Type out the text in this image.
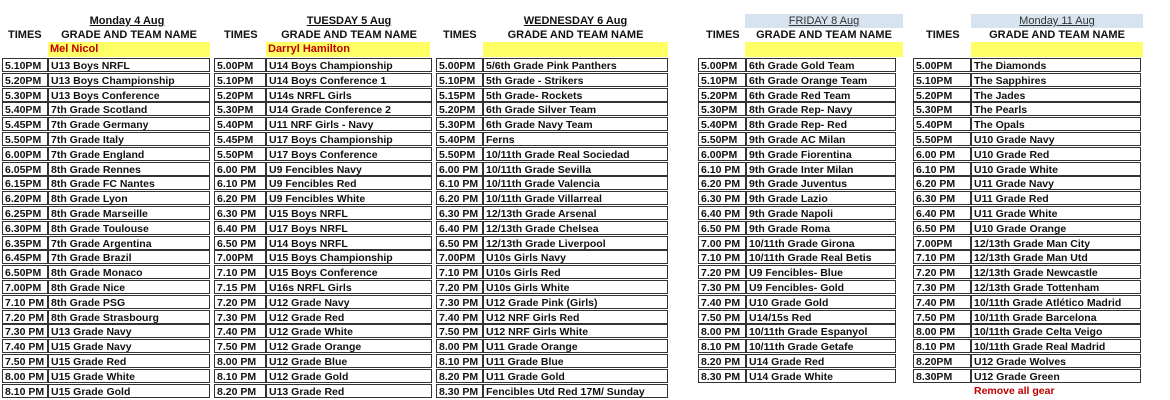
Monday 4 Aug
TIMES	GRADE AND TEAM NAME
Mel Nicol
5.10PM U13 Boys NRFL
5.20PM U13 Boys Championship
5.30PM U13 Boys Conference
5.40PM 7th Grade Scotland
5.45PM 7th Grade Germany
5.50PM 7th Grade Italy
6.00PM 7th Grade England
6.05PM 8th Grade Rennes
6.15PM 8th Grade FC Nantes
6.20PM 8th Grade Lyon
6.25PM 8th Grade Marseille
6.30PM 8th Grade Toulouse
6.35PM 7th Grade Argentina
6.45PM 7th Grade Brazil
6.50PM 8th Grade Monaco
7.00PM 8th Grade Nice
7.10 PM 8th Grade PSG
7.20 PM 8th Grade Strasbourg
7.30 PM U13 Grade Navy
7.40 PM U15 Grade Navy
7.50 PM U15 Grade Red
8.00 PM U15 Grade White
8.10 PM U15 Grade Gold
TUESDAY 5 Aug
TIMES	GRADE AND TEAM NAME
Darryl Hamilton
5.00PM	U14 Boys Championship
5.10PM	U14 Boys Conference 1
5.20PM	U14s NRFL Girls
5.30PM	U14 Grade Conference 2
5.40PM	U11 NRF Girls - Navy
5.45PM	U17 Boys Championship
5.50PM	U17 Boys Conference
6.00 PM	U9 Fencibles Navy
6.10 PM	U9 Fencibles Red
6.20 PM	U9 Fencibles White
6.30 PM	U15 Boys NRFL
6.40 PM	U17 Boys NRFL
6.50 PM	U14 Boys NRFL
7.00PM	U15 Boys Championship
7.10 PM	U15 Boys Conference
7.15 PM	U16s NRFL Girls
7.20 PM	U12 Grade Navy
7.30 PM	U12 Grade Red
7.40 PM	U12 Grade White
7.50 PM	U12 Grade Orange
8.00 PM	U12 Grade Blue
8.10 PM	U12 Grade Gold
8.20 PM	U13 Grade Red
WEDNESDAY 6 Aug
TIMES	GRADE AND TEAM NAME
5.00PM	5/6th Grade Pink Panthers
5.10PM	5th Grade - Strikers
5.15PM	5th Grade- Rockets
5.20PM	6th Grade Silver Team
5.30PM	6th Grade Navy Team
5.40PM	Ferns
5.50PM	10/11th Grade Real Sociedad
6.00 PM 10/11th Grade Sevilla
6.10 PM 10/11th Grade Valencia
6.20 PM 10/11th Grade Villarreal
6.30 PM 12/13th Grade Arsenal
6.40 PM 12/13th Grade Chelsea
6.50 PM 12/13th Grade Liverpool
7.00PM	U10s Girls Navy
7.10 PM U10s Girls Red
7.20 PM U10s Girls White
7.30 PM U12 Grade Pink (Girls)
7.40 PM U12 NRF Girls Red
7.50 PM U12 NRF Girls White
8.00 PM U11 Grade Orange
8.10 PM U11 Grade Blue
8.20 PM U11 Grade Gold
8.30 PM Fencibles Utd Red 17M/ Sunday
FRIDAY 8 Aug
TIMES	GRADE AND TEAM NAME
5.00PM	6th Grade Gold Team
5.10PM	6th Grade Orange Team
5.20PM	6th Grade Red Team
5.30PM	8th Grade Rep- Navy
5.40PM	8th Grade Rep- Red
5.50PM	9th Grade AC Milan
6.00PM	9th Grade Fiorentina
6.10 PM 9th Grade Inter Milan
6.20 PM 9th Grade Juventus
6.30 PM 9th Grade Lazio
6.40 PM 9th Grade Napoli
6.50 PM 9th Grade Roma
7.00 PM 10/11th Grade Girona
7.10 PM 10/11th Grade Real Betis
7.20 PM U9 Fencibles- Blue
7.30 PM U9 Fencibles- Gold
7.40 PM U10 Grade Gold
7.50 PM U14/15s Red
8.00 PM 10/11th Grade Espanyol
8.10 PM 10/11th Grade Getafe
8.20 PM U14 Grade Red
8.30 PM U14 Grade White
Monday 11 Aug
TIMES	GRADE AND TEAM NAME
5.00PM	The Diamonds
5.10PM	The Sapphires
5.20PM	The Jades
5.30PM	The Pearls
5.40PM	The Opals
5.50PM	U10 Grade Navy
6.00 PM	U10 Grade Red
6.10 PM	U10 Grade White
6.20 PM	U11 Grade Navy
6.30 PM	U11 Grade Red
6.40 PM	U11 Grade White
6.50 PM	U10 Grade Orange
7.00PM	12/13th Grade Man City
7.10 PM	12/13th Grade Man Utd
7.20 PM	12/13th Grade Newcastle
7.30 PM	12/13th Grade Tottenham
7.40 PM	10/11th Grade Atlético Madrid
7.50 PM	10/11th Grade Barcelona
8.00 PM	10/11th Grade Celta Veigo
8.10 PM	10/11th Grade Real Madrid
8.20PM	U12 Grade Wolves
8.30PM	U12 Grade Green
Remove all gear
